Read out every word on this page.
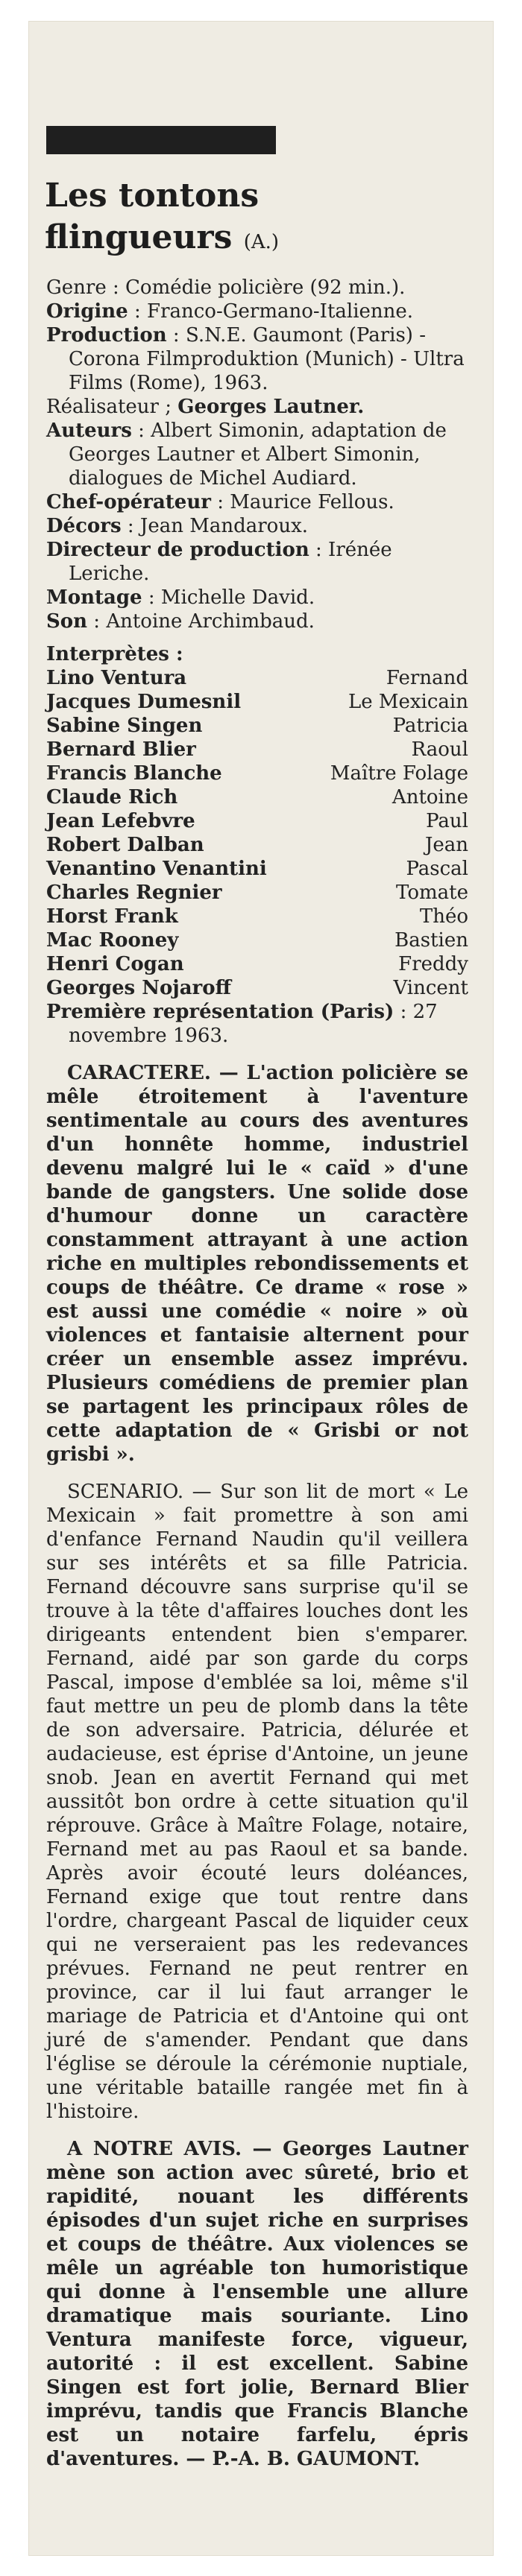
Les tontons
flingueurs (A.)

Genre : Comédie policière (92 min.).

Origine : Franco-Germano-Italienne.

Production : S.N.E. Gaumont (Paris) - Corona Filmproduktion (Munich) - Ultra Films (Rome), 1963.

Réalisateur ; Georges Lautner.

Auteurs : Albert Simonin, adaptation de Georges Lautner et Albert Simonin, dialogues de Michel Audiard.

Chef-opérateur : Maurice Fellous.

Décors : Jean Mandaroux.

Directeur de production : Irénée Leriche.

Montage : Michelle David.

Son : Antoine Archimbaud.

Interprètes :

Lino Ventura	Fernand
Jacques Dumesnil	Le Mexicain
Sabine Singen	Patricia
Bernard Blier	Raoul
Francis Blanche	Maître Folage
Claude Rich	Antoine
Jean Lefebvre	Paul
Robert Dalban	Jean
Venantino Venantini	Pascal
Charles Regnier	Tomate
Horst Frank	Théo
Mac Rooney	Bastien
Henri Cogan	Freddy
Georges Nojaroff	Vincent

Première représentation (Paris) : 27 novembre 1963.

CARACTERE. — L'action policière se mêle étroitement à l'aventure sentimentale au cours des aventures d'un honnête homme, industriel devenu malgré lui le « caïd » d'une bande de gangsters. Une solide dose d'humour donne un caractère constamment attrayant à une action riche en multiples rebondissements et coups de théâtre. Ce drame « rose » est aussi une comédie « noire » où violences et fantaisie alternent pour créer un ensemble assez imprévu. Plusieurs comédiens de premier plan se partagent les principaux rôles de cette adaptation de « Grisbi or not grisbi ».

SCENARIO. — Sur son lit de mort « Le Mexicain » fait promettre à son ami d'enfance Fernand Naudin qu'il veillera sur ses intérêts et sa fille Patricia. Fernand découvre sans surprise qu'il se trouve à la tête d'affaires louches dont les dirigeants entendent bien s'emparer. Fernand, aidé par son garde du corps Pascal, impose d'emblée sa loi, même s'il faut mettre un peu de plomb dans la tête de son adversaire. Patricia, délurée et audacieuse, est éprise d'Antoine, un jeune snob. Jean en avertit Fernand qui met aussitôt bon ordre à cette situation qu'il réprouve. Grâce à Maître Folage, notaire, Fernand met au pas Raoul et sa bande. Après avoir écouté leurs doléances, Fernand exige que tout rentre dans l'ordre, chargeant Pascal de liquider ceux qui ne verseraient pas les redevances prévues. Fernand ne peut rentrer en province, car il lui faut arranger le mariage de Patricia et d'Antoine qui ont juré de s'amender. Pendant que dans l'église se déroule la cérémonie nuptiale, une véritable bataille rangée met fin à l'histoire.

A NOTRE AVIS. — Georges Lautner mène son action avec sûreté, brio et rapidité, nouant les différents épisodes d'un sujet riche en surprises et coups de théâtre. Aux violences se mêle un agréable ton humoristique qui donne à l'ensemble une allure dramatique mais souriante. Lino Ventura manifeste force, vigueur, autorité : il est excellent. Sabine Singen est fort jolie, Bernard Blier imprévu, tandis que Francis Blanche est un notaire farfelu, épris d'aventures. — P.-A. B. GAUMONT.
